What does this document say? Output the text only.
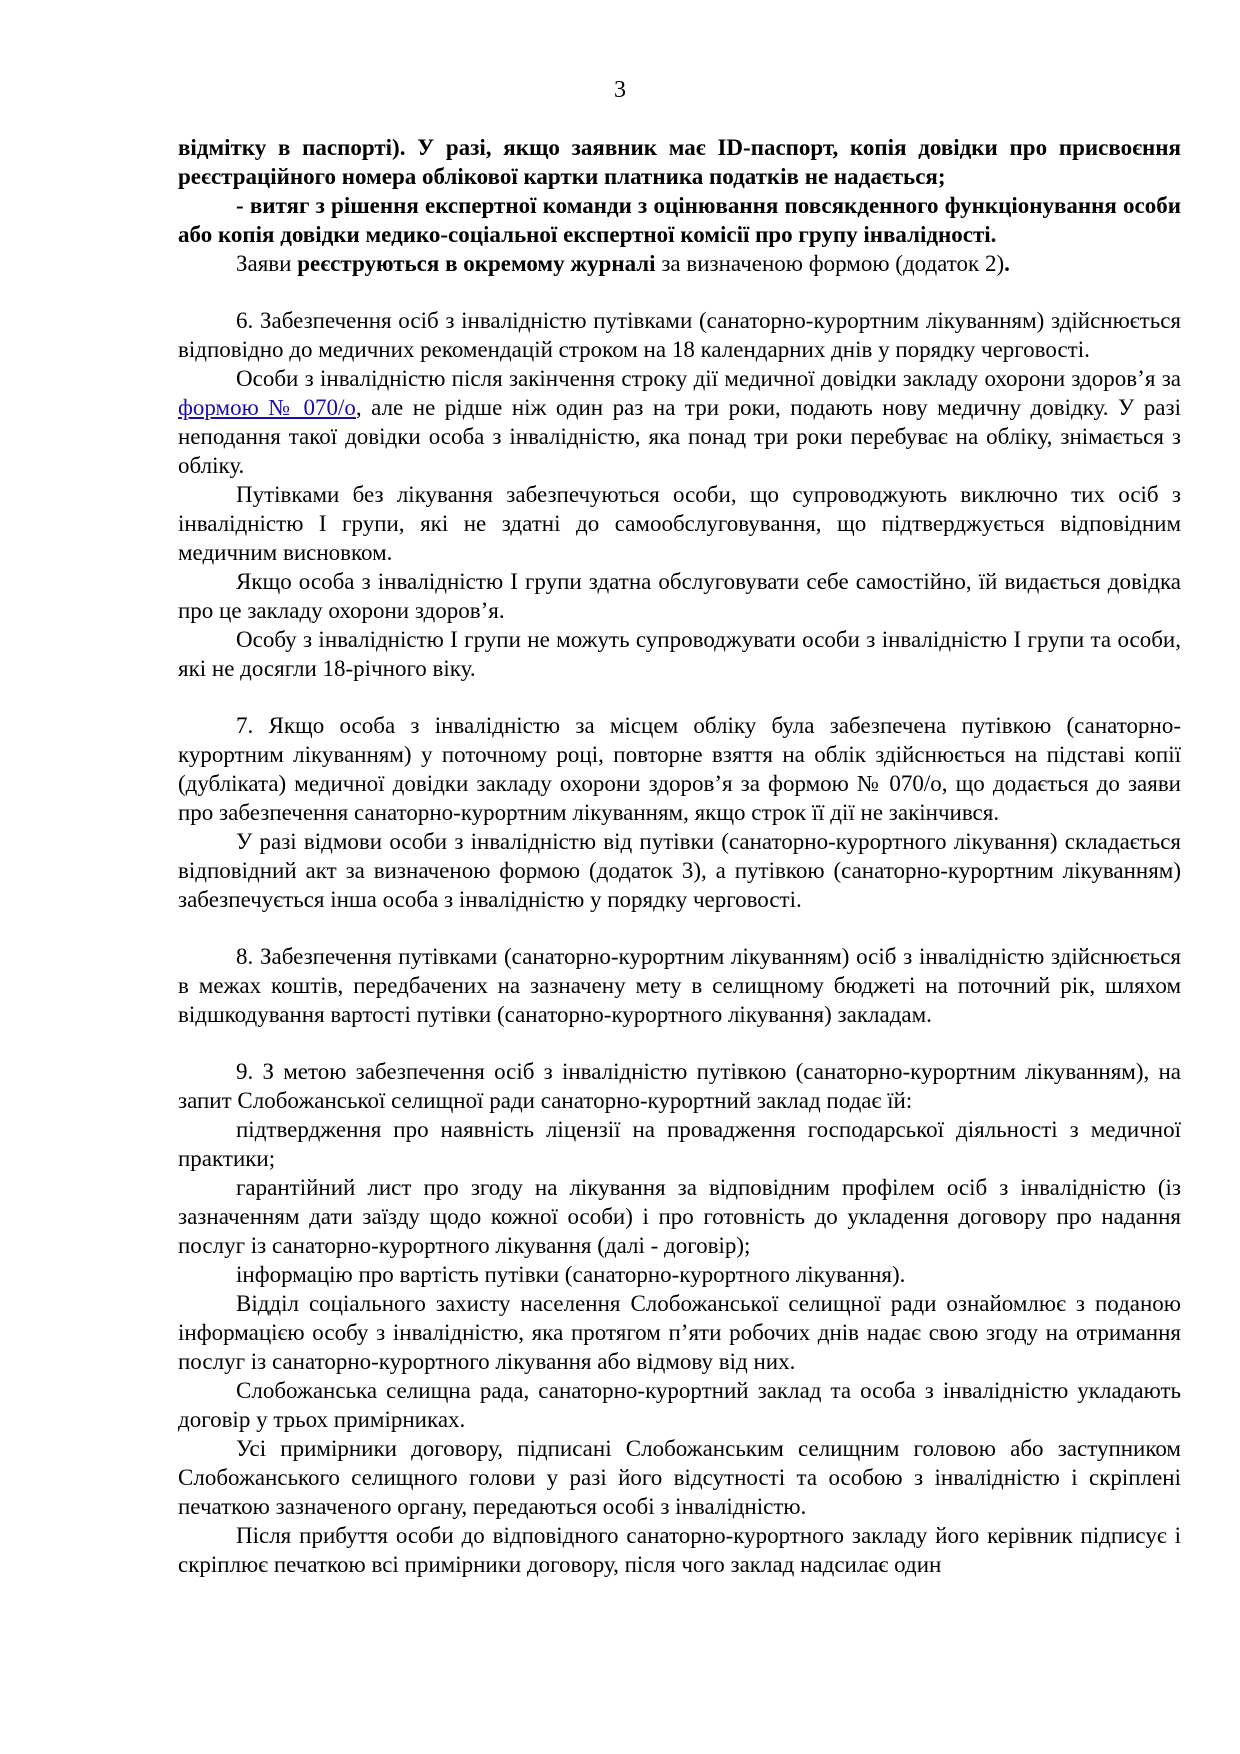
3

відмітку в паспорті). У разі, якщо заявник має ID-паспорт, копія довідки про присвоєння реєстраційного номера облікової картки платника податків не надається;

- витяг з рішення експертної команди з оцінювання повсякденного функціонування особи або копія довідки медико-соціальної експертної комісії про групу інвалідності.

Заяви реєструються в окремому журналі за визначеною формою (додаток 2).

6. Забезпечення осіб з інвалідністю путівками (санаторно-курортним лікуванням) здійснюється відповідно до медичних рекомендацій строком на 18 календарних днів у порядку черговості.

Особи з інвалідністю після закінчення строку дії медичної довідки закладу охорони здоров’я за формою № 070/о, але не рідше ніж один раз на три роки, подають нову медичну довідку. У разі неподання такої довідки особа з інвалідністю, яка понад три роки перебуває на обліку, знімається з обліку.

Путівками без лікування забезпечуються особи, що супроводжують виключно тих осіб з інвалідністю I групи, які не здатні до самообслуговування, що підтверджується відповідним медичним висновком.

Якщо особа з інвалідністю I групи здатна обслуговувати себе самостійно, їй видається довідка про це закладу охорони здоров’я.

Особу з інвалідністю I групи не можуть супроводжувати особи з інвалідністю I групи та особи, які не досягли 18-річного віку.

7. Якщо особа з інвалідністю за місцем обліку була забезпечена путівкою (санаторно-курортним лікуванням) у поточному році, повторне взяття на облік здійснюється на підставі копії (дубліката) медичної довідки закладу охорони здоров’я за формою № 070/о, що додається до заяви про забезпечення санаторно-курортним лікуванням, якщо строк її дії не закінчився.

У разі відмови особи з інвалідністю від путівки (санаторно-курортного лікування) складається відповідний акт за визначеною формою (додаток 3), а путівкою (санаторно-курортним лікуванням) забезпечується інша особа з інвалідністю у порядку черговості.

8. Забезпечення путівками (санаторно-курортним лікуванням) осіб з інвалідністю здійснюється в межах коштів, передбачених на зазначену мету в селищному бюджеті на поточний рік, шляхом відшкодування вартості путівки (санаторно-курортного лікування) закладам.

9. З метою забезпечення осіб з інвалідністю путівкою (санаторно-курортним лікуванням), на запит Слобожанської селищної ради санаторно-курортний заклад подає їй:

підтвердження про наявність ліцензії на провадження господарської діяльності з медичної практики;

гарантійний лист про згоду на лікування за відповідним профілем осіб з інвалідністю (із зазначенням дати заїзду щодо кожної особи) і про готовність до укладення договору про надання послуг із санаторно-курортного лікування (далі - договір);

інформацію про вартість путівки (санаторно-курортного лікування).

Відділ соціального захисту населення Слобожанської селищної ради ознайомлює з поданою інформацією особу з інвалідністю, яка протягом п’яти робочих днів надає свою згоду на отримання послуг із санаторно-курортного лікування або відмову від них.

Слобожанська селищна рада, санаторно-курортний заклад та особа з інвалідністю укладають договір у трьох примірниках.

Усі примірники договору, підписані Слобожанським селищним головою або заступником Слобожанського селищного голови у разі його відсутності та особою з інвалідністю і скріплені печаткою зазначеного органу, передаються особі з інвалідністю.

Після прибуття особи до відповідного санаторно-курортного закладу його керівник підписує і скріплює печаткою всі примірники договору, після чого заклад надсилає один
